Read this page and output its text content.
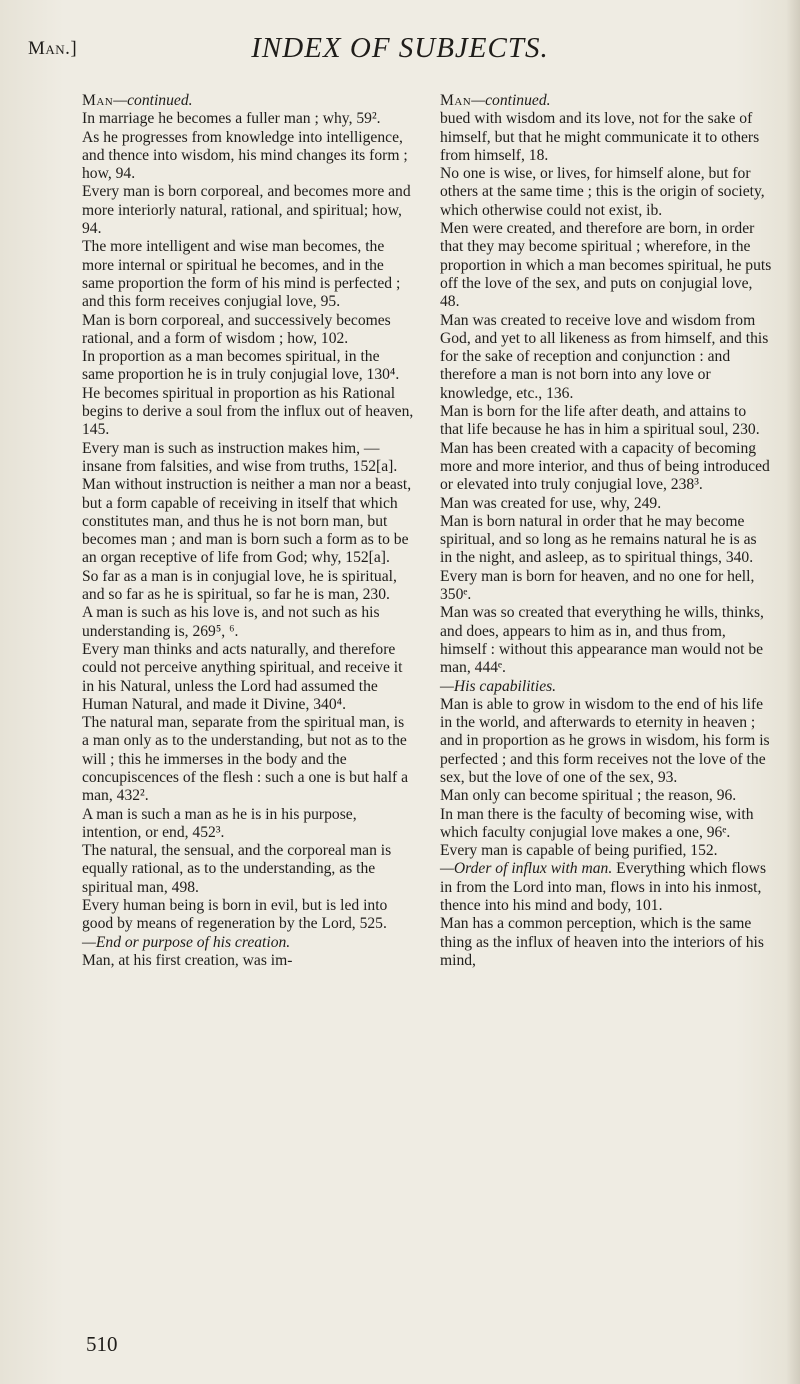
Man.]	INDEX OF SUBJECTS.

Man—continued.

In marriage he becomes a fuller man ; why, 59².

As he progresses from knowledge into intelligence, and thence into wisdom, his mind changes its form ; how, 94.

Every man is born corporeal, and becomes more and more interiorly natural, rational, and spiritual; how, 94.

The more intelligent and wise man becomes, the more internal or spiritual he becomes, and in the same proportion the form of his mind is perfected ; and this form receives conjugial love, 95.

Man is born corporeal, and successively becomes rational, and a form of wisdom ; how, 102.

In proportion as a man becomes spiritual, in the same proportion he is in truly conjugial love, 130⁴.

He becomes spiritual in proportion as his Rational begins to derive a soul from the influx out of heaven, 145.

Every man is such as instruction makes him, — insane from falsities, and wise from truths, 152[a].

Man without instruction is neither a man nor a beast, but a form capable of receiving in itself that which constitutes man, and thus he is not born man, but becomes man ; and man is born such a form as to be an organ receptive of life from God; why, 152[a].

So far as a man is in conjugial love, he is spiritual, and so far as he is spiritual, so far he is man, 230.

A man is such as his love is, and not such as his understanding is, 269⁵, ⁶.

Every man thinks and acts naturally, and therefore could not perceive anything spiritual, and receive it in his Natural, unless the Lord had assumed the Human Natural, and made it Divine, 340⁴.

The natural man, separate from the spiritual man, is a man only as to the understanding, but not as to the will ; this he immerses in the body and the concupiscences of the flesh : such a one is but half a man, 432².

A man is such a man as he is in his purpose, intention, or end, 452³.

The natural, the sensual, and the corporeal man is equally rational, as to the understanding, as the spiritual man, 498.

Every human being is born in evil, but is led into good by means of regeneration by the Lord, 525.

—End or purpose of his creation.

Man, at his first creation, was im-

Man—continued.

bued with wisdom and its love, not for the sake of himself, but that he might communicate it to others from himself, 18.

No one is wise, or lives, for himself alone, but for others at the same time ; this is the origin of society, which otherwise could not exist, ib.

Men were created, and therefore are born, in order that they may become spiritual ; wherefore, in the proportion in which a man becomes spiritual, he puts off the love of the sex, and puts on conjugial love, 48.

Man was created to receive love and wisdom from God, and yet to all likeness as from himself, and this for the sake of reception and conjunction : and therefore a man is not born into any love or knowledge, etc., 136.

Man is born for the life after death, and attains to that life because he has in him a spiritual soul, 230.

Man has been created with a capacity of becoming more and more interior, and thus of being introduced or elevated into truly conjugial love, 238³.

Man was created for use, why, 249.

Man is born natural in order that he may become spiritual, and so long as he remains natural he is as in the night, and asleep, as to spiritual things, 340.

Every man is born for heaven, and no one for hell, 350ᵉ.

Man was so created that everything he wills, thinks, and does, appears to him as in, and thus from, himself : without this appearance man would not be man, 444ᵉ.

—His capabilities.

Man is able to grow in wisdom to the end of his life in the world, and afterwards to eternity in heaven ; and in proportion as he grows in wisdom, his form is perfected ; and this form receives not the love of the sex, but the love of one of the sex, 93.

Man only can become spiritual ; the reason, 96.

In man there is the faculty of becoming wise, with which faculty conjugial love makes a one, 96ᵉ.

Every man is capable of being purified, 152.

—Order of influx with man. Everything which flows in from the Lord into man, flows in into his inmost, thence into his mind and body, 101.

Man has a common perception, which is the same thing as the influx of heaven into the interiors of his mind,

510
